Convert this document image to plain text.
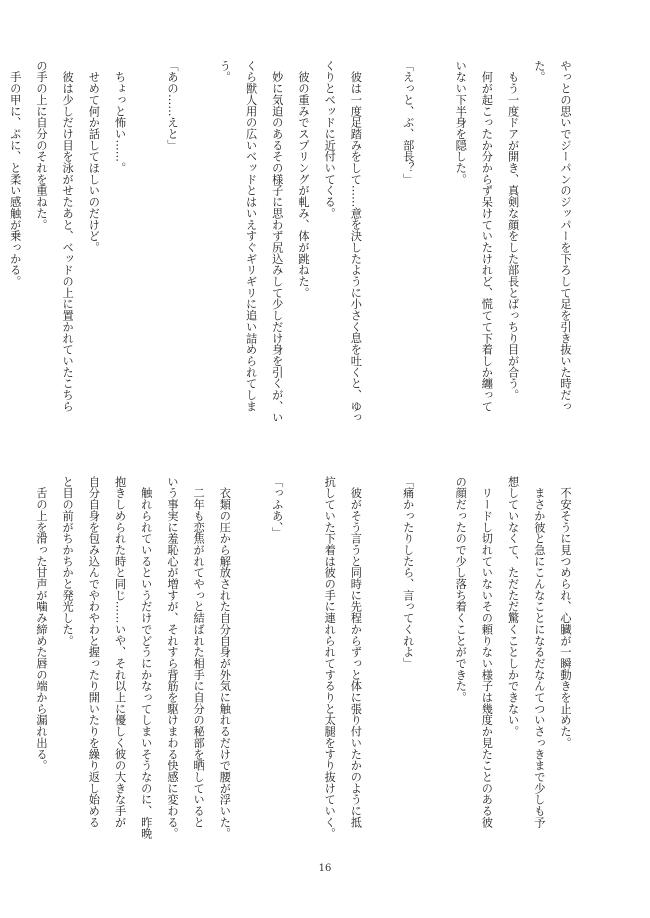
やっとの思いでジーパンのジッパーを下ろして足を引き抜いた時だっ
た。
　もう一度ドアが開き、真剣な顔をした部長とばっちり目が合う。
　何が起こったか分からず呆けていたけれど、慌てて下着しか纏って
いない下半身を隠した。

「えっと、ぶ、部長？」

　彼は一度足踏みをして……意を決したように小さく息を吐くと、ゆっ
くりとベッドに近付いてくる。
　彼の重みでスプリングが軋み、体が跳ねた。
　妙に気迫のあるその様子に思わず尻込みして少しだけ身を引くが、い
くら獣人用の広いベッドとはいえすぐギリギリに追い詰められてしま
う。

「あの……えと」

　ちょっと怖い……。
　せめて何か話してほしいのだけど。
　彼は少しだけ目を泳がせたあと、ベッドの上に置かれていたこちら
の手の上に自分のそれを重ねた。
　手の甲に、ぷに、と柔い感触が乗っかる。

　不安そうに見つめられ、心臓が一瞬動きを止めた。
　まさか彼と急にこんなことになるだなんてついさっきまで少しも予
想していなくて、ただただ驚くことしかできない。
　リードし切れていないその頼りない様子は幾度か見たことのある彼
の顔だったので少し落ち着くことができた。

「痛かったりしたら、言ってくれよ」

　彼がそう言うと同時に先程からずっと体に張り付いたかのように抵
抗していた下着は彼の手に連れられてするりと太腿をすり抜けていく。

「っふあ、」

　衣類の圧から解放された自分自身が外気に触れるだけで腰が浮いた。
　二年も恋焦がれてやっと結ばれた相手に自分の秘部を晒していると
いう事実に羞恥心が増すが、それすら背筋を駆けまわる快感に変わる。
　触れられているというだけでどうにかなってしまいそうなのに、昨晩
抱きしめられた時と同じ……いや、それ以上に優しく彼の大きな手が
自分自身を包み込んでやわやわと握ったり開いたりを繰り返し始める
と目の前がちかちかと発光した。
　舌の上を滑った甘声が噛み締めた唇の端から漏れ出る。

16
